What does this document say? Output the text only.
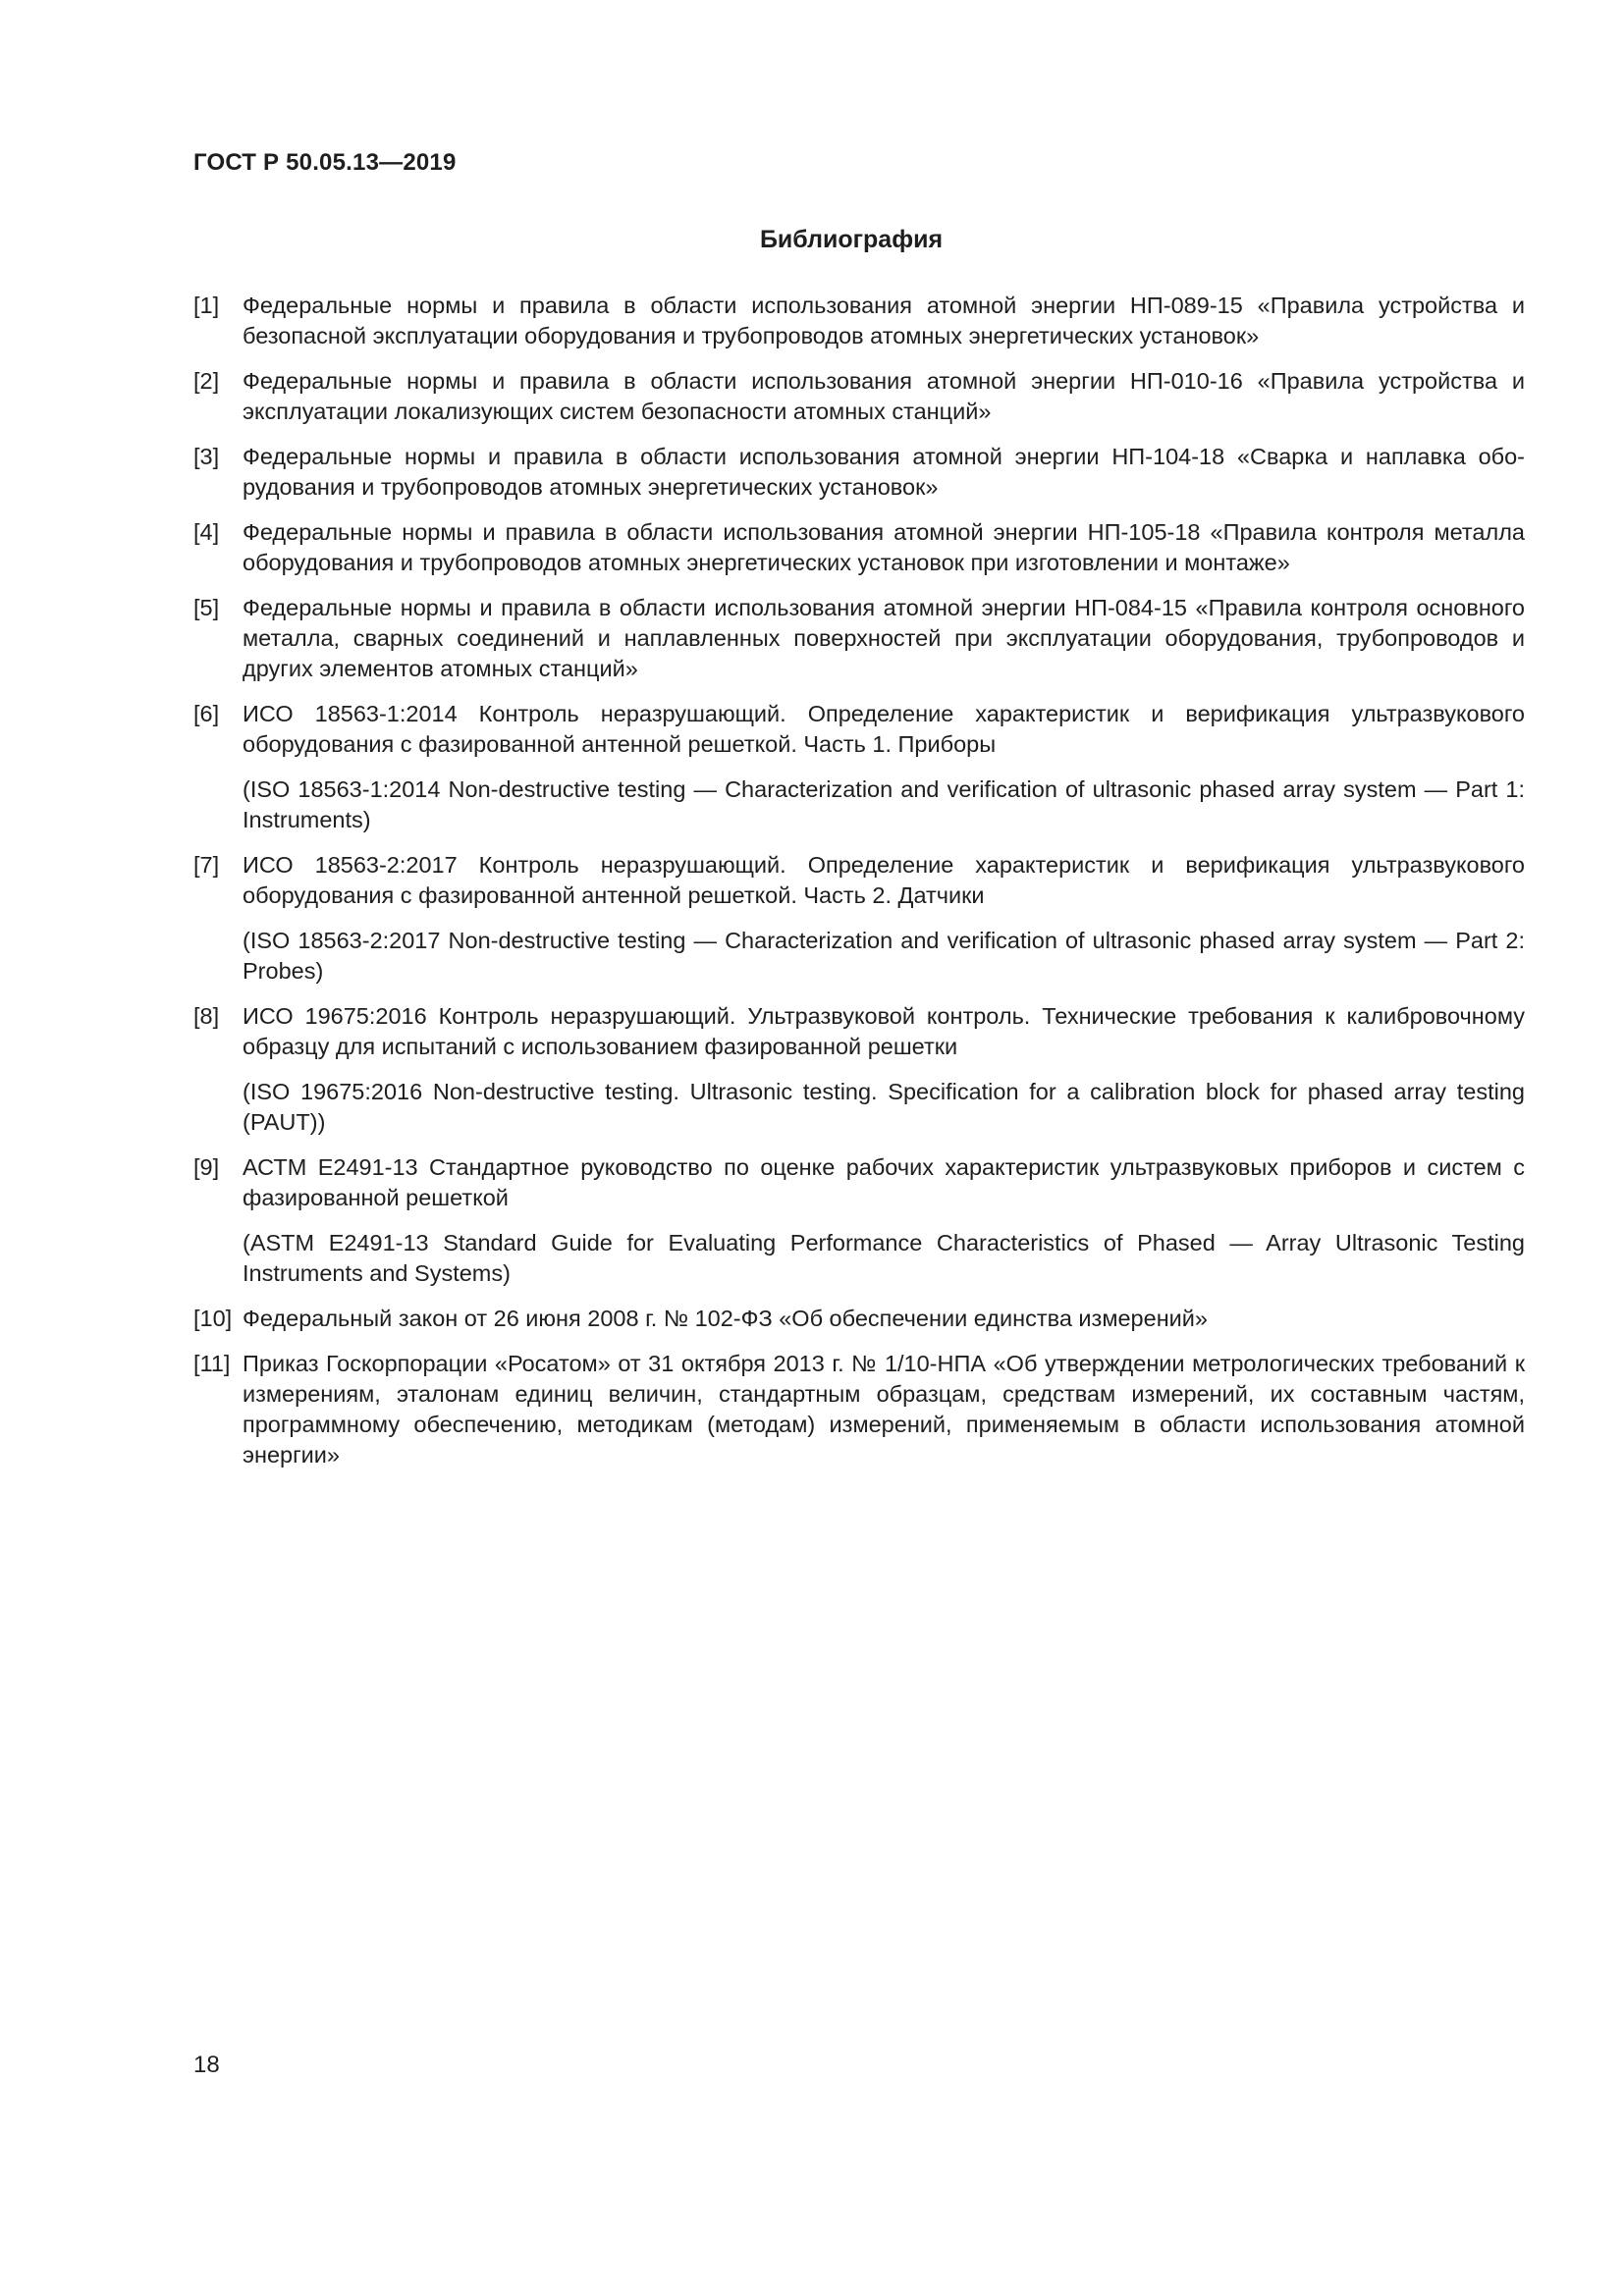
ГОСТ Р 50.05.13—2019
Библиография
[1] Федеральные нормы и правила в области использования атомной энергии НП-089-15 «Правила устройства и безопасной эксплуатации оборудования и трубопроводов атомных энергетических установок»
[2] Федеральные нормы и правила в области использования атомной энергии НП-010-16 «Правила устройства и эксплуатации локализующих систем безопасности атомных станций»
[3] Федеральные нормы и правила в области использования атомной энергии НП-104-18 «Сварка и наплавка оборудования и трубопроводов атомных энергетических установок»
[4] Федеральные нормы и правила в области использования атомной энергии НП-105-18 «Правила контроля металла оборудования и трубопроводов атомных энергетических установок при изготовлении и монтаже»
[5] Федеральные нормы и правила в области использования атомной энергии НП-084-15 «Правила контроля основного металла, сварных соединений и наплавленных поверхностей при эксплуатации оборудования, трубопроводов и других элементов атомных станций»
[6] ИСО 18563-1:2014 Контроль неразрушающий. Определение характеристик и верификация ультразвукового оборудования с фазированной антенной решеткой. Часть 1. Приборы
(ISO 18563-1:2014 Non-destructive testing — Characterization and verification of ultrasonic phased array system — Part 1: Instruments)
[7] ИСО 18563-2:2017 Контроль неразрушающий. Определение характеристик и верификация ультразвукового оборудования с фазированной антенной решеткой. Часть 2. Датчики
(ISO 18563-2:2017 Non-destructive testing — Characterization and verification of ultrasonic phased array system — Part 2: Probes)
[8] ИСО 19675:2016 Контроль неразрушающий. Ультразвуковой контроль. Технические требования к калибровочному образцу для испытаний с использованием фазированной решетки
(ISO 19675:2016 Non-destructive testing. Ultrasonic testing. Specification for a calibration block for phased array testing (PAUT))
[9] АСТМ Е2491-13 Стандартное руководство по оценке рабочих характеристик ультразвуковых приборов и систем с фазированной решеткой
(ASTM E2491-13 Standard Guide for Evaluating Performance Characteristics of Phased — Array Ultrasonic Testing Instruments and Systems)
[10] Федеральный закон от 26 июня 2008 г. № 102-ФЗ «Об обеспечении единства измерений»
[11] Приказ Госкорпорации «Росатом» от 31 октября 2013 г. № 1/10-НПА «Об утверждении метрологических требований к измерениям, эталонам единиц величин, стандартным образцам, средствам измерений, их составным частям, программному обеспечению, методикам (методам) измерений, применяемым в области использования атомной энергии»
18
